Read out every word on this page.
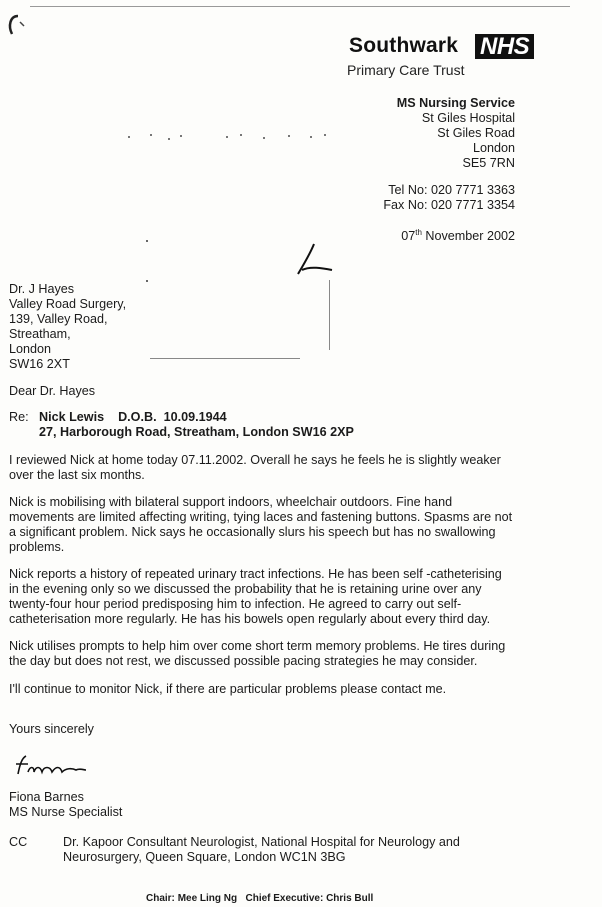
Southwark NHS
Primary Care Trust
MS Nursing Service
St Giles Hospital
St Giles Road
London
SE5 7RN
Tel No: 020 7771 3363
Fax No: 020 7771 3354
07th November 2002
Dr. J Hayes
Valley Road Surgery,
139, Valley Road,
Streatham,
London
SW16 2XT
Dear Dr. Hayes
Re: Nick Lewis    D.O.B.  10.09.1944
27, Harborough Road, Streatham, London SW16 2XP
I reviewed Nick at home today 07.11.2002. Overall he says he feels he is slightly weaker over the last six months.
Nick is mobilising with bilateral support indoors, wheelchair outdoors. Fine hand movements are limited affecting writing, tying laces and fastening buttons. Spasms are not a significant problem. Nick says he occasionally slurs his speech but has no swallowing problems.
Nick reports a history of repeated urinary tract infections. He has been self -catheterising in the evening only so we discussed the probability that he is retaining urine over any twenty-four hour period predisposing him to infection. He agreed to carry out self-catheterisation more regularly. He has his bowels open regularly about every third day.
Nick utilises prompts to help him over come short term memory problems. He tires during the day but does not rest, we discussed possible pacing strategies he may consider.
I'll continue to monitor Nick, if there are particular problems please contact me.
Yours sincerely
Fiona Barnes
MS Nurse Specialist
CC	Dr. Kapoor Consultant Neurologist, National Hospital for Neurology and
Neurosurgery, Queen Square, London WC1N 3BG
Chair: Mee Ling Ng Chief Executive: Chris Bull
